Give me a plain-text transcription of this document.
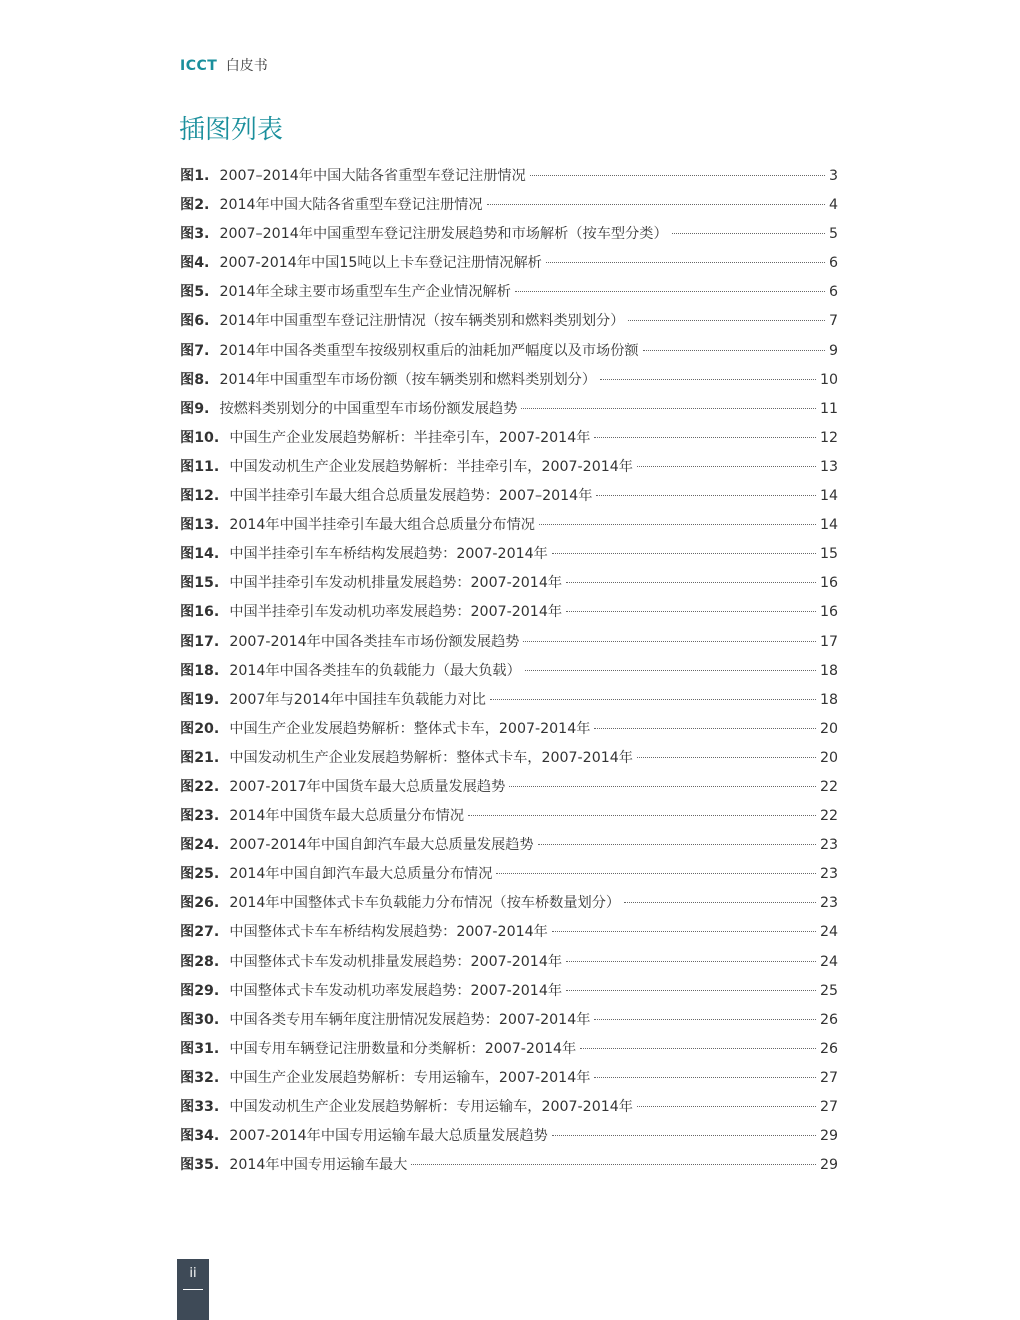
ICCT 白皮书
插图列表
图1. 2007–2014年中国大陆各省重型车登记注册情况	3
图2. 2014年中国大陆各省重型车登记注册情况	4
图3. 2007–2014年中国重型车登记注册发展趋势和市场解析（按车型分类）	5
图4. 2007-2014年中国15吨以上卡车登记注册情况解析	6
图5. 2014年全球主要市场重型车生产企业情况解析	6
图6. 2014年中国重型车登记注册情况（按车辆类别和燃料类别划分）	7
图7. 2014年中国各类重型车按级别权重后的油耗加严幅度以及市场份额	9
图8. 2014年中国重型车市场份额（按车辆类别和燃料类别划分）	10
图9. 按燃料类别划分的中国重型车市场份额发展趋势	11
图10. 中国生产企业发展趋势解析：半挂牵引车，2007-2014年	12
图11. 中国发动机生产企业发展趋势解析：半挂牵引车，2007-2014年	13
图12. 中国半挂牵引车最大组合总质量发展趋势：2007–2014年	14
图13. 2014年中国半挂牵引车最大组合总质量分布情况	14
图14. 中国半挂牵引车车桥结构发展趋势：2007-2014年	15
图15. 中国半挂牵引车发动机排量发展趋势：2007-2014年	16
图16. 中国半挂牵引车发动机功率发展趋势：2007-2014年	16
图17. 2007-2014年中国各类挂车市场份额发展趋势	17
图18. 2014年中国各类挂车的负载能力（最大负载）	18
图19. 2007年与2014年中国挂车负载能力对比	18
图20. 中国生产企业发展趋势解析：整体式卡车，2007-2014年	20
图21. 中国发动机生产企业发展趋势解析：整体式卡车，2007-2014年	20
图22. 2007-2017年中国货车最大总质量发展趋势	22
图23. 2014年中国货车最大总质量分布情况	22
图24. 2007-2014年中国自卸汽车最大总质量发展趋势	23
图25. 2014年中国自卸汽车最大总质量分布情况	23
图26. 2014年中国整体式卡车负载能力分布情况（按车桥数量划分）	23
图27. 中国整体式卡车车桥结构发展趋势：2007-2014年	24
图28. 中国整体式卡车发动机排量发展趋势：2007-2014年	24
图29. 中国整体式卡车发动机功率发展趋势：2007-2014年	25
图30. 中国各类专用车辆年度注册情况发展趋势：2007-2014年	26
图31. 中国专用车辆登记注册数量和分类解析：2007-2014年	26
图32. 中国生产企业发展趋势解析：专用运输车，2007-2014年	27
图33. 中国发动机生产企业发展趋势解析：专用运输车，2007-2014年	27
图34. 2007-2014年中国专用运输车最大总质量发展趋势	29
图35. 2014年中国专用运输车最大	29
ii
